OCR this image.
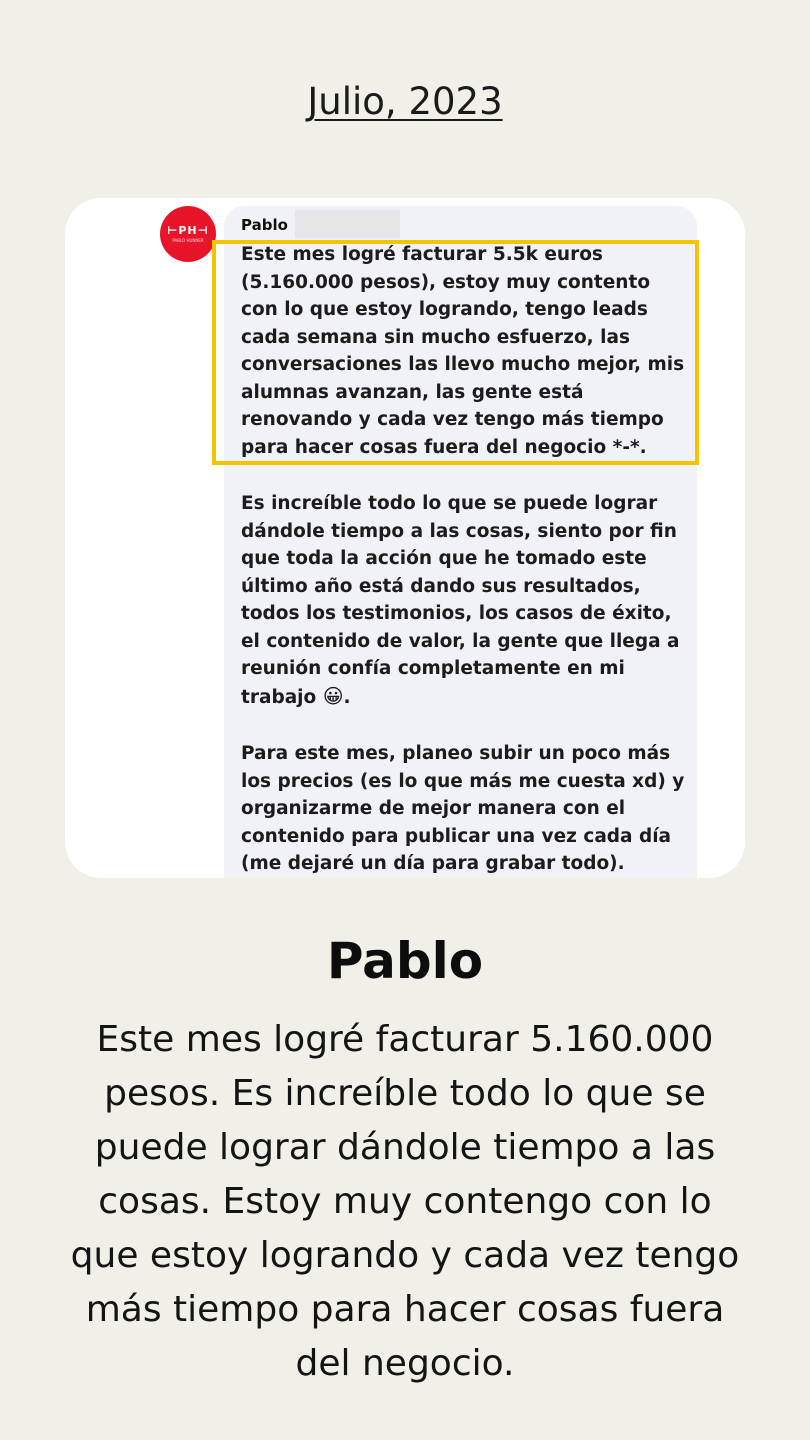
Julio, 2023
⊢PH⊣
PABLO HUNNER
Pablo

Este mes logré facturar 5.5k euros (5.160.000 pesos), estoy muy contento con lo que estoy logrando, tengo leads cada semana sin mucho esfuerzo, las conversaciones las llevo mucho mejor, mis alumnas avanzan, las gente está renovando y cada vez tengo más tiempo para hacer cosas fuera del negocio *-*.

Es increíble todo lo que se puede lograr dándole tiempo a las cosas, siento por fin que toda la acción que he tomado este último año está dando sus resultados, todos los testimonios, los casos de éxito, el contenido de valor, la gente que llega a reunión confía completamente en mi trabajo 😀.

Para este mes, planeo subir un poco más los precios (es lo que más me cuesta xd) y organizarme de mejor manera con el contenido para publicar una vez cada día (me dejaré un día para grabar todo).

Pablo

Este mes logré facturar 5.160.000 pesos. Es increíble todo lo que se puede lograr dándole tiempo a las cosas. Estoy muy contengo con lo que estoy logrando y cada vez tengo más tiempo para hacer cosas fuera del negocio.
